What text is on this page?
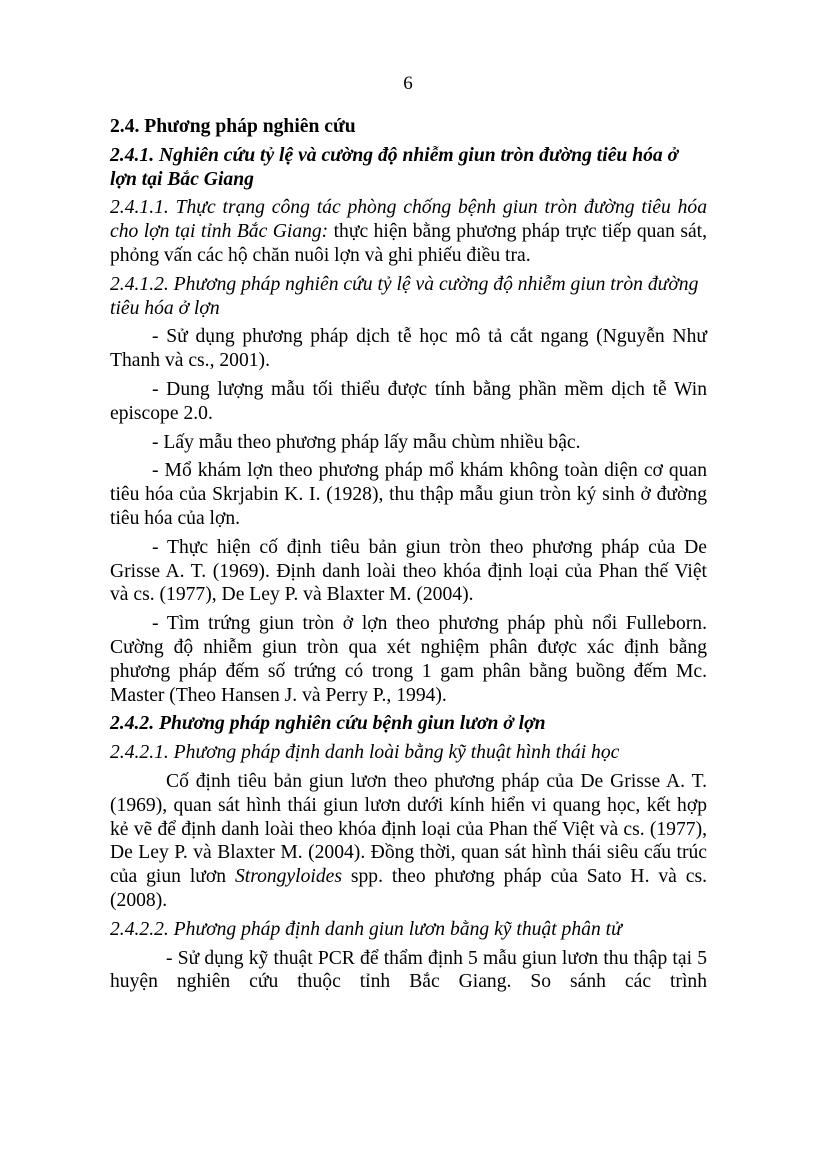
6

2.4. Phương pháp nghiên cứu

2.4.1. Nghiên cứu tỷ lệ và cường độ nhiễm giun tròn đường tiêu hóa ở lợn tại Bắc Giang

2.4.1.1. Thực trạng công tác phòng chống bệnh giun tròn đường tiêu hóa cho lợn tại tỉnh Bắc Giang: thực hiện bằng phương pháp trực tiếp quan sát, phỏng vấn các hộ chăn nuôi lợn và ghi phiếu điều tra.

2.4.1.2. Phương pháp nghiên cứu tỷ lệ và cường độ nhiễm giun tròn đường tiêu hóa ở lợn

- Sử dụng phương pháp dịch tễ học mô tả cắt ngang (Nguyễn Như Thanh và cs., 2001).

- Dung lượng mẫu tối thiểu được tính bằng phần mềm dịch tễ Win episcope 2.0.

- Lấy mẫu theo phương pháp lấy mẫu chùm nhiều bậc.

- Mổ khám lợn theo phương pháp mổ khám không toàn diện cơ quan tiêu hóa của Skrjabin K. I. (1928), thu thập mẫu giun tròn ký sinh ở đường tiêu hóa của lợn.

- Thực hiện cố định tiêu bản giun tròn theo phương pháp của De Grisse A. T. (1969). Định danh loài theo khóa định loại của Phan thế Việt và cs. (1977), De Ley P. và Blaxter M. (2004).

- Tìm trứng giun tròn ở lợn theo phương pháp phù nổi Fulleborn. Cường độ nhiễm giun tròn qua xét nghiệm phân được xác định bằng phương pháp đếm số trứng có trong 1 gam phân bằng buồng đếm Mc. Master (Theo Hansen J. và Perry P., 1994).

2.4.2. Phương pháp nghiên cứu bệnh giun lươn ở lợn

2.4.2.1. Phương pháp định danh loài bằng kỹ thuật hình thái học

Cố định tiêu bản giun lươn theo phương pháp của De Grisse A. T. (1969), quan sát hình thái giun lươn dưới kính hiển vi quang học, kết hợp kẻ vẽ để định danh loài theo khóa định loại của Phan thế Việt và cs. (1977), De Ley P. và Blaxter M. (2004). Đồng thời, quan sát hình thái siêu cấu trúc của giun lươn Strongyloides spp. theo phương pháp của Sato H. và cs. (2008).

2.4.2.2. Phương pháp định danh giun lươn bằng kỹ thuật phân tử

- Sử dụng kỹ thuật PCR để thẩm định 5 mẫu giun lươn thu thập tại 5 huyện nghiên cứu thuộc tỉnh Bắc Giang. So sánh các trình
